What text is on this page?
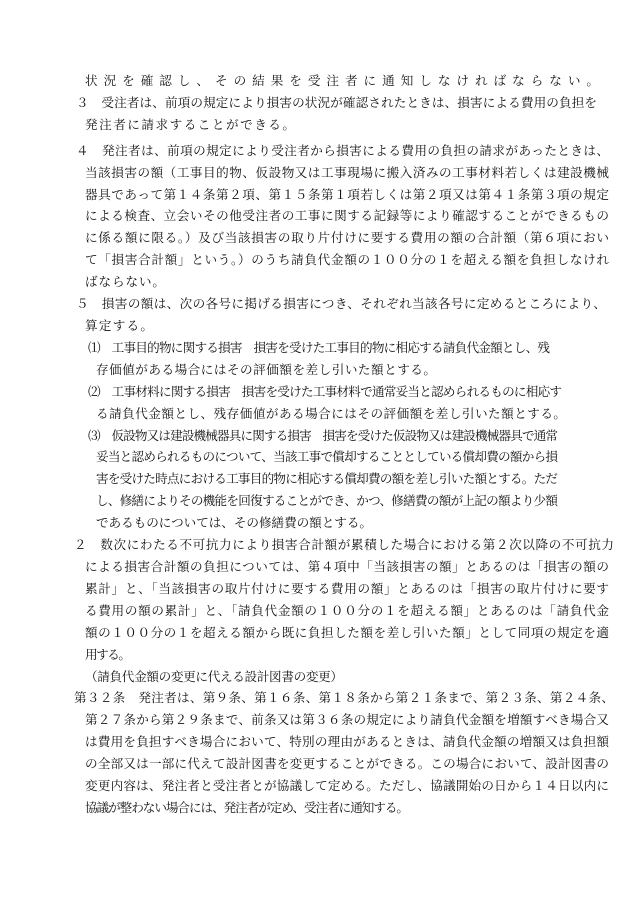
状況を確認し、その結果を受注者に通知しなければならない。
３　受注者は、前項の規定により損害の状況が確認されたときは、損害による費用の負担を
発注者に請求することができる。
４　発注者は、前項の規定により受注者から損害による費用の負担の請求があったときは、
当該損害の額（工事目的物、仮設物又は工事現場に搬入済みの工事材料若しくは建設機械
器具であって第１４条第２項、第１５条第１項若しくは第２項又は第４１条第３項の規定
による検査、立会いその他受注者の工事に関する記録等により確認することができるもの
に係る額に限る。）及び当該損害の取り片付けに要する費用の額の合計額（第６項におい
て「損害合計額」という。）のうち請負代金額の１００分の１を超える額を負担しなけれ
ばならない。
５　損害の額は、次の各号に掲げる損害につき、それぞれ当該各号に定めるところにより、
算定する。
⑴　工事目的物に関する損害　損害を受けた工事目的物に相応する請負代金額とし、残
存価値がある場合にはその評価額を差し引いた額とする。
⑵　工事材料に関する損害　損害を受けた工事材料で通常妥当と認められるものに相応す
る請負代金額とし、残存価値がある場合にはその評価額を差し引いた額とする。
⑶　仮設物又は建設機械器具に関する損害　損害を受けた仮設物又は建設機械器具で通常
妥当と認められるものについて、当該工事で償却することとしている償却費の額から損
害を受けた時点における工事目的物に相応する償却費の額を差し引いた額とする。ただ
し、修繕によりその機能を回復することができ、かつ、修繕費の額が上記の額より少額
であるものについては、その修繕費の額とする。
２　数次にわたる不可抗力により損害合計額が累積した場合における第２次以降の不可抗力
による損害合計額の負担については、第４項中「当該損害の額」とあるのは「損害の額の
累計」と、「当該損害の取片付けに要する費用の額」とあるのは「損害の取片付けに要す
る費用の額の累計」と、「請負代金額の１００分の１を超える額」とあるのは「請負代金
額の１００分の１を超える額から既に負担した額を差し引いた額」として同項の規定を適
用する。
（請負代金額の変更に代える設計図書の変更）
第３２条　発注者は、第９条、第１６条、第１８条から第２１条まで、第２３条、第２４条、
第２７条から第２９条まで、前条又は第３６条の規定により請負代金額を増額すべき場合又
は費用を負担すべき場合において、特別の理由があるときは、請負代金額の増額又は負担額
の全部又は一部に代えて設計図書を変更することができる。この場合において、設計図書の
変更内容は、発注者と受注者とが協議して定める。ただし、協議開始の日から１４日以内に
協議が整わない場合には、発注者が定め、受注者に通知する。
